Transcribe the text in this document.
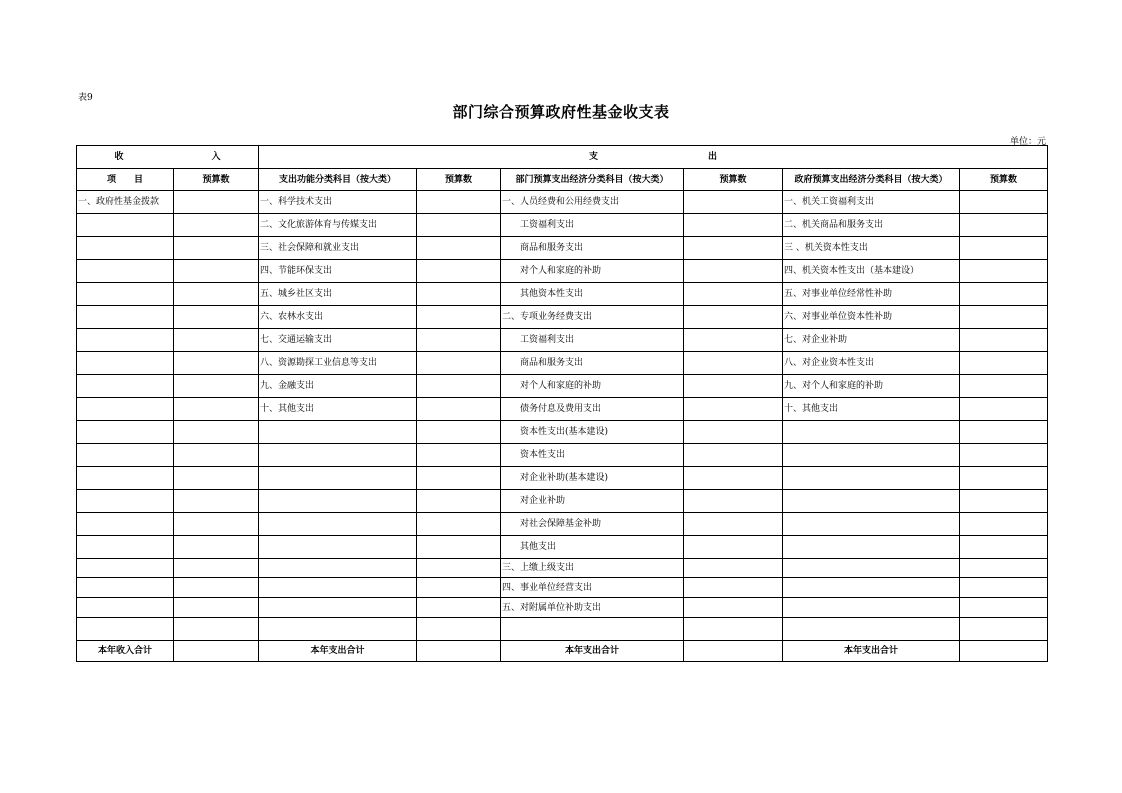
表9
部门综合预算政府性基金收支表
单位：元
收 入		支 出					
项　　目	预算数	支出功能分类科目（按大类）	预算数	部门预算支出经济分类科目（按大类）	预算数	政府预算支出经济分类科目（按大类）	预算数
一、政府性基金拨款		一、科学技术支出		一、人员经费和公用经费支出		一、机关工资福利支出	
		二、文化旅游体育与传媒支出		工资福利支出		二、机关商品和服务支出	
		三、社会保障和就业支出		商品和服务支出		三 、机关资本性支出	
		四、节能环保支出		对个人和家庭的补助		四、机关资本性支出（基本建设）	
		五、城乡社区支出		其他资本性支出		五、对事业单位经常性补助	
		六、农林水支出		二、专项业务经费支出		六、对事业单位资本性补助	
		七、交通运输支出		工资福利支出		七、对企业补助	
		八、资源勘探工业信息等支出		商品和服务支出		八、对企业资本性支出	
		九、金融支出		对个人和家庭的补助		九、对个人和家庭的补助	
		十、其他支出		债务付息及费用支出		十、其他支出	
				资本性支出(基本建设)			
				资本性支出			
				对企业补助(基本建设)			
				对企业补助			
				对社会保障基金补助			
				其他支出			
				三、上缴上级支出			
				四、事业单位经营支出			
				五、对附属单位补助支出			

本年收入合计		本年支出合计		本年支出合计		本年支出合计	
